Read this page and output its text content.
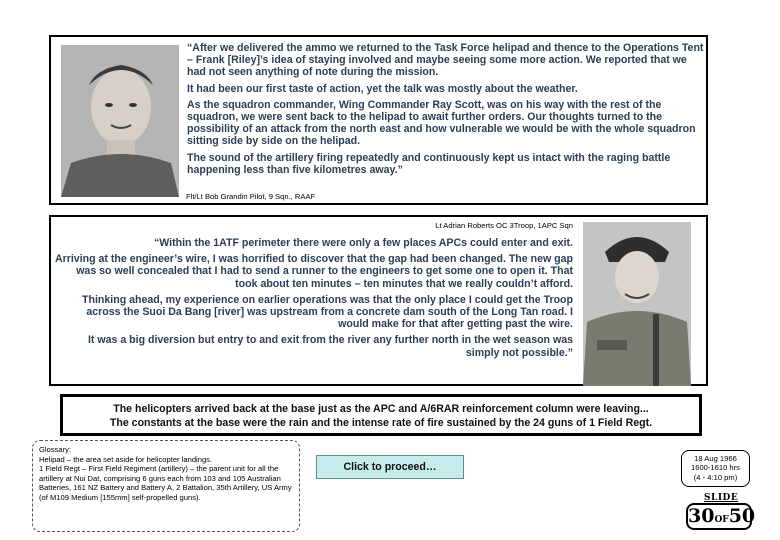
“After we delivered the ammo we returned to the Task Force helipad and thence to the Operations Tent – Frank [Riley]’s idea of staying involved and maybe seeing some more action. We reported that we had not seen anything of note during the mission.

It had been our first taste of action, yet the talk was mostly about the weather.

As the squadron commander, Wing Commander Ray Scott, was on his way with the rest of the squadron, we were sent back to the helipad to await further orders. Our thoughts turned to the possibility of an attack from the north east and how vulnerable we would be with the whole squadron sitting side by side on the helipad.

The sound of the artillery firing repeatedly and continuously kept us intact with the raging battle happening less than five kilometres away.”

Flt/Lt Bob Grandin Pilot, 9 Sqn., RAAF
Lt Adrian Roberts OC 3Troop, 1APC Sqn

“Within the 1ATF perimeter there were only a few places APCs could enter and exit.

Arriving at the engineer’s wire, I was horrified to discover that the gap had been changed. The new gap was so well concealed that I had to send a runner to the engineers to get some one to open it. That took about ten minutes – ten minutes that we really couldn’t afford.

Thinking ahead, my experience on earlier operations was that the only place I could get the Troop across the Suoi Da Bang [river] was upstream from a concrete dam south of the Long Tan road. I would make for that after getting past the wire.

It was a big diversion but entry to and exit from the river any further north in the wet season was simply not possible.”

The helicopters arrived back at the base just as the APC and A/6RAR reinforcement column were leaving...
The constants at the base were the rain and the intense rate of fire sustained by the 24 guns of 1 Field Regt.
Glossary:
Helipad – the area set aside for helicopter landings.
1 Field Regt – First Field Regiment (artillery) – the parent unit for all the artillery at Nui Dat, comprising 6 guns each from 103 and 105 Australian Batteries, 161 NZ Battery and Battery A, 2 Battalion, 35th Artillery, US Army (of M109 Medium [155mm] self-propelled guns).
Click to proceed…
18 Aug 1966
1600-1610 hrs
(4 - 4:10 pm)
SLIDE
30OF50
